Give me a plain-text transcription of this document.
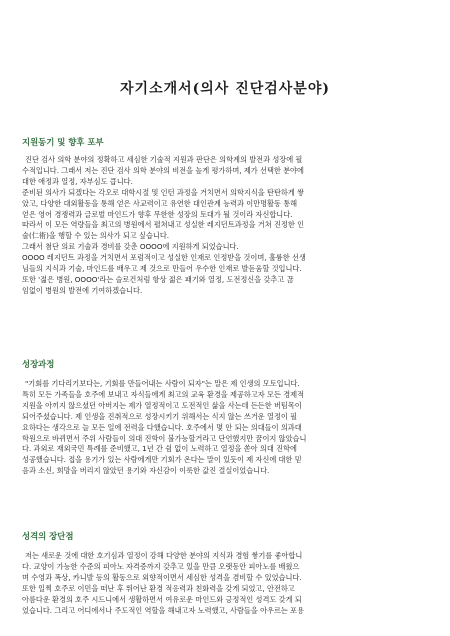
자기소개서(의사 진단검사분야)
지원동기 및 향후 포부
진단 검사 의학 분야의 정확하고 세심한 기술적 지원과 판단은 의학계의 발전과 성장에 필
수적입니다. 그래서 저는 진단 검사 의학 분야의 비전을 높게 평가하며, 제가 선택한 분야에
대한 애정과 열정, 자부심도 큽니다.
준비된 의사가 되겠다는 각오로 대학시절 및 인턴 과정을 거치면서 의학지식을 탄탄하게 쌓
았고, 다양한 대외활동을 통해 얻은 사교력이고 유연한 대인관계 능력과 이만명활동 통해
얻은 영어 경쟁력과 글로벌 마인드가 향후 무한한 성장의 토대가 될 것이라 자신합니다.
따라서 이 모든 역량들을 최고의 병원에서 펼쳐내고 성실한 레지던트과정을 거쳐 진정한 인
술(仁術)을 행할 수 있는 의사가 되고 싶습니다.
그래서 첨단 의료 기술과 경비를 갖춘 OOOO에 지원하게 되었습니다.
OOOO 레지던트 과정을 거치면서 포럼적이고 성실한 인재로 인정받을 것이며, 훌륭한 선생
님들의 지식과 기술, 마인드를 배우고 제 것으로 만들어 우수한 인재로 발돋움할 것입니다.
또한 '젊은 병원, OOOO'라는 슬로건처럼 항상 젊은 패기와 열정, 도전정신을 갖추고 끊
임없이 병원의 발전에 기여하겠습니다.
성장과정
"기회를 기다리기보다는, 기회를 만들어내는 사람이 되자"는 말은 제 인생의 모토입니다.
특히 모든 가족들을 호주에 보내고 자식들에게 최고의 교육 환경을 제공하고자 모든 경제적
지원을 아끼지 않으셨던 아버지는 제가 열정적이고 도전적인 삶을 사는데 든든한 버팀목이
되어주셨습니다. 제 인생을 진취적으로 성장시키기 위해서는 식지 않는 쓰거운 열정이 필
요하다는 생각으로 늘 모든 일에 전력을 다했습니다. 호주에서 몇 안 되는 의대들이 의과대
학원으로 바뀌면서 주위 사람들이 의대 진학이 불가능할거라고 단언했지만 꿈이지 않았습니
다. 과외로 재외국민 특례를 준비했고, 1년 간 쉼 없이 노력하고 열정을 쏟아 의대 진학에
성공했습니다. 접을 용기가 있는 사람에게만 기회가 온다는 말이 있듯이 제 자신에 대한 믿
음과 소신, 희망을 버리지 않았던 용기와 자신감이 이룩한 값진 결실이었습니다.
성격의 장단점
저는 새로운 것에 대한 호기심과 열정이 강해 다양한 분야의 지식과 경험 쌓기를 좋아합니
다. 교양이 가능한 수준의 피아노 자격증까지 갖추고 있을 만큼 오랫동안 피아노를 배웠으
며 수영과 폭상, 카니발 등의 활동으로 외향적이면서 세심한 성격을 겸비할 수 있었습니다.
또한 일찍 호주로 이민을 떠난 후 뛰어난 환경 적응력과 친화력을 갖게 되었고, 안전하고
아름다운 환경의 호주 시드니에서 생활하면서 여유로운 마인드와 긍정적인 성격도 갖게 되
었습니다. 그리고 어디에서나 주도적인 역할을 해내고자 노력했고, 사람들을 아우르는 포용
